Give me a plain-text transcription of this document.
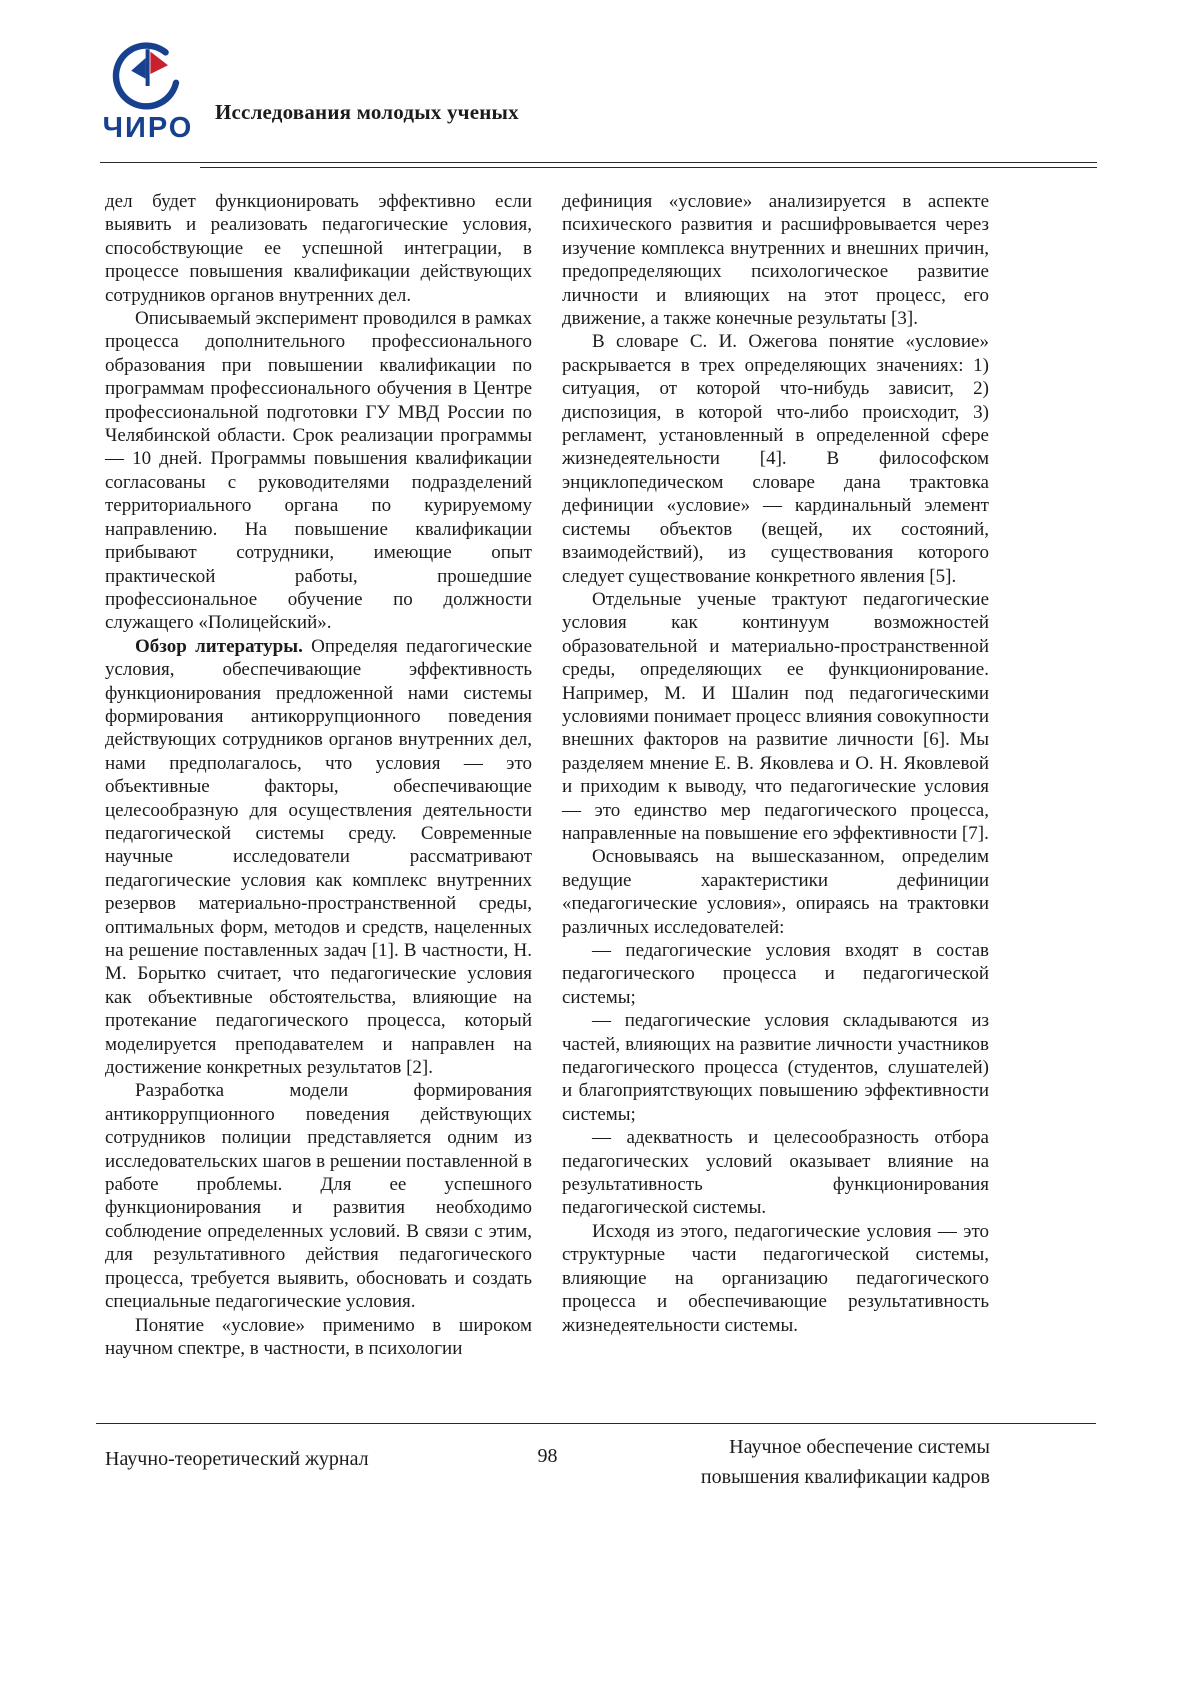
ЧИРО Исследования молодых ученых

дел будет функционировать эффективно если выявить и реализовать педагогические условия, способствующие ее успешной интеграции, в процессе повышения квалификации действующих сотрудников органов внутренних дел.

Описываемый эксперимент проводился в рамках процесса дополнительного профессионального образования при повышении квалификации по программам профессионального обучения в Центре профессиональной подготовки ГУ МВД России по Челябинской области. Срок реализации программы — 10 дней. Программы повышения квалификации согласованы с руководителями подразделений территориального органа по курируемому направлению. На повышение квалификации прибывают сотрудники, имеющие опыт практической работы, прошедшие профессиональное обучение по должности служащего «Полицейский».

Обзор литературы. Определяя педагогические условия, обеспечивающие эффективность функционирования предложенной нами системы формирования антикоррупционного поведения действующих сотрудников органов внутренних дел, нами предполагалось, что условия — это объективные факторы, обеспечивающие целесообразную для осуществления деятельности педагогической системы среду. Современные научные исследователи рассматривают педагогические условия как комплекс внутренних резервов материально-пространственной среды, оптимальных форм, методов и средств, нацеленных на решение поставленных задач [1]. В частности, Н. М. Борытко считает, что педагогические условия как объективные обстоятельства, влияющие на протекание педагогического процесса, который моделируется преподавателем и направлен на достижение конкретных результатов [2].

Разработка модели формирования антикоррупционного поведения действующих сотрудников полиции представляется одним из исследовательских шагов в решении поставленной в работе проблемы. Для ее успешного функционирования и развития необходимо соблюдение определенных условий. В связи с этим, для результативного действия педагогического процесса, требуется выявить, обосновать и создать специальные педагогические условия.

Понятие «условие» применимо в широком научном спектре, в частности, в психологии

дефиниция «условие» анализируется в аспекте психического развития и расшифровывается через изучение комплекса внутренних и внешних причин, предопределяющих психологическое развитие личности и влияющих на этот процесс, его движение, а также конечные результаты [3].

В словаре С. И. Ожегова понятие «условие» раскрывается в трех определяющих значениях: 1) ситуация, от которой что-нибудь зависит, 2) диспозиция, в которой что-либо происходит, 3) регламент, установленный в определенной сфере жизнедеятельности [4]. В философском энциклопедическом словаре дана трактовка дефиниции «условие» — кардинальный элемент системы объектов (вещей, их состояний, взаимодействий), из существования которого следует существование конкретного явления [5].

Отдельные ученые трактуют педагогические условия как континуум возможностей образовательной и материально-пространственной среды, определяющих ее функционирование. Например, М. И Шалин под педагогическими условиями понимает процесс влияния совокупности внешних факторов на развитие личности [6]. Мы разделяем мнение Е. В. Яковлева и О. Н. Яковлевой и приходим к выводу, что педагогические условия — это единство мер педагогического процесса, направленные на повышение его эффективности [7].

Основываясь на вышесказанном, определим ведущие характеристики дефиниции «педагогические условия», опираясь на трактовки различных исследователей:

— педагогические условия входят в состав педагогического процесса и педагогической системы;

— педагогические условия складываются из частей, влияющих на развитие личности участников педагогического процесса (студентов, слушателей) и благоприятствующих повышению эффективности системы;

— адекватность и целесообразность отбора педагогических условий оказывает влияние на результативность функционирования педагогической системы.

Исходя из этого, педагогические условия — это структурные части педагогической системы, влияющие на организацию педагогического процесса и обеспечивающие результативность жизнедеятельности системы.

Научно-теоретический журнал	98	Научное обеспечение системы
повышения квалификации кадров
